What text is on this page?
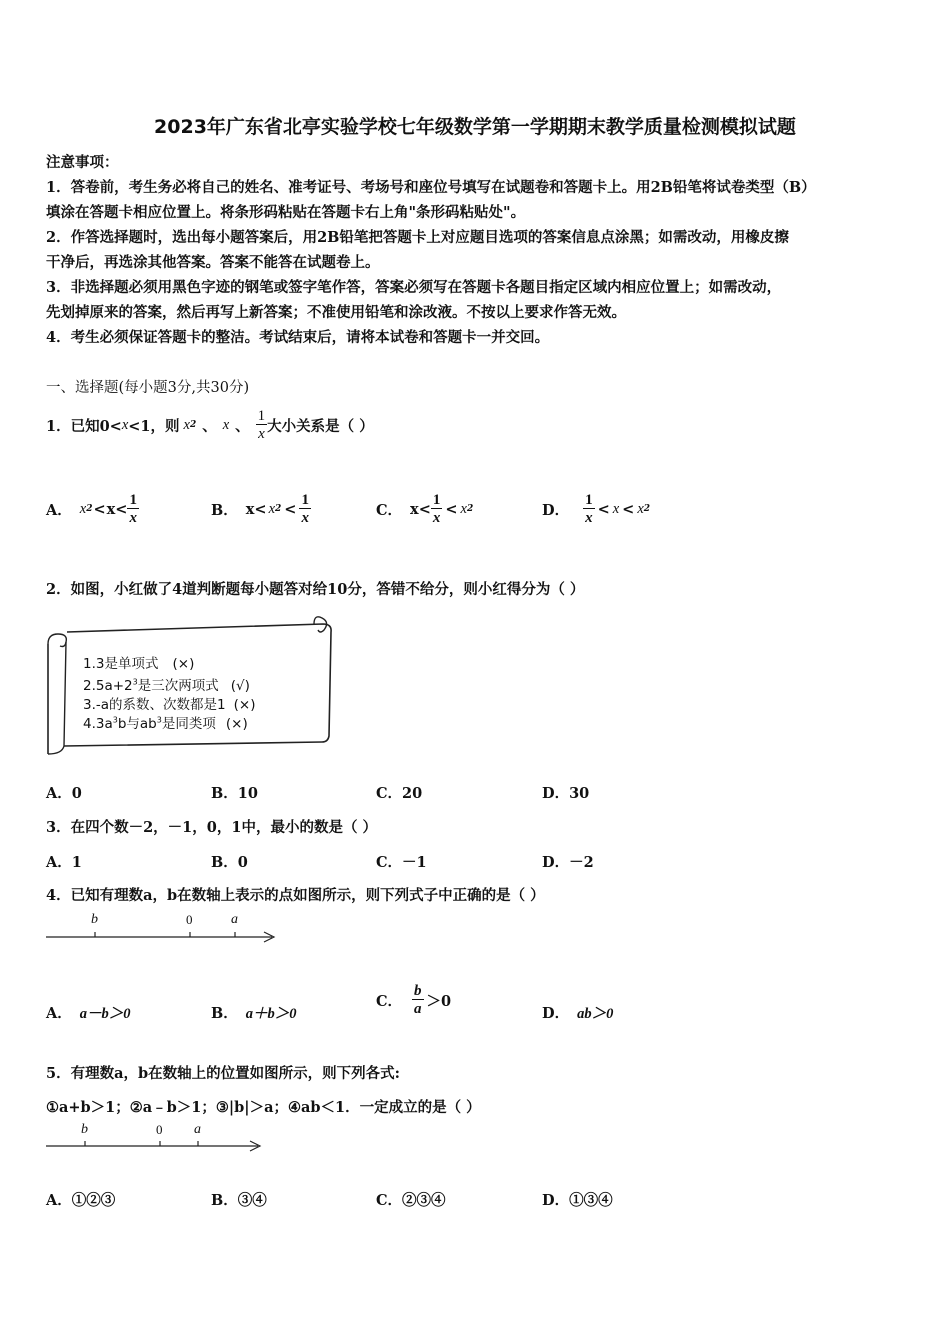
2023年广东省北亭实验学校七年级数学第一学期期末教学质量检测模拟试题
注意事项：
1．答卷前，考生务必将自己的姓名、准考证号、考场号和座位号填写在试题卷和答题卡上。用2B铅笔将试卷类型（B）
填涂在答题卡相应位置上。将条形码粘贴在答题卡右上角"条形码粘贴处"。
2．作答选择题时，选出每小题答案后，用2B铅笔把答题卡上对应题目选项的答案信息点涂黑；如需改动，用橡皮擦
干净后，再选涂其他答案。答案不能答在试题卷上。
3．非选择题必须用黑色字迹的钢笔或签字笔作答，答案必须写在答题卡各题目指定区域内相应位置上；如需改动，
先划掉原来的答案，然后再写上新答案；不准使用铅笔和涂改液。不按以上要求作答无效。
4．考生必须保证答题卡的整洁。考试结束后，请将本试卷和答题卡一并交回。
一、选择题(每小题3分,共30分)
1．已知0< x <1，则 x 2 、 x 、 $\frac{1}{x}$ 大小关系是（ ）
A． x $2 < x < \frac{1}{x}$	B． x < x $2 < \frac{1}{x}$	C． $x < \frac{1}{x} < x$ 2	D． $\frac{1}{x} < x < x$ 2
2．如图，小红做了4道判断题每小题答对给10分，答错不给分，则小红得分为（ ）
1.3是单项式 (×)
$2.5a+2^3$是三次两项式 (√)
3.-a的系数、次数都是1 (×)
$4.3a^3b$与$ab^3$是同类项 (×)
A．0	B．10	C．20	D．30
3．在四个数－2，－1，0，1中，最小的数是（ ）
A．1	B．0	C．－1	D．－2
4．已知有理数a，b在数轴上表示的点如图所示，则下列式子中正确的是（ ）
b	0	a
A． a－b＞0	B． a＋b＞0
C． $\frac{b}{a} >0$
D． ab＞0
5．有理数a，b在数轴上的位置如图所示，则下列各式:
①a+b＞1；②a﹣b＞1；③|b|＞a；④ab＜1．一定成立的是（ ）
b	0 a
A．①②③	B．③④	C．②③④	D．①③④
